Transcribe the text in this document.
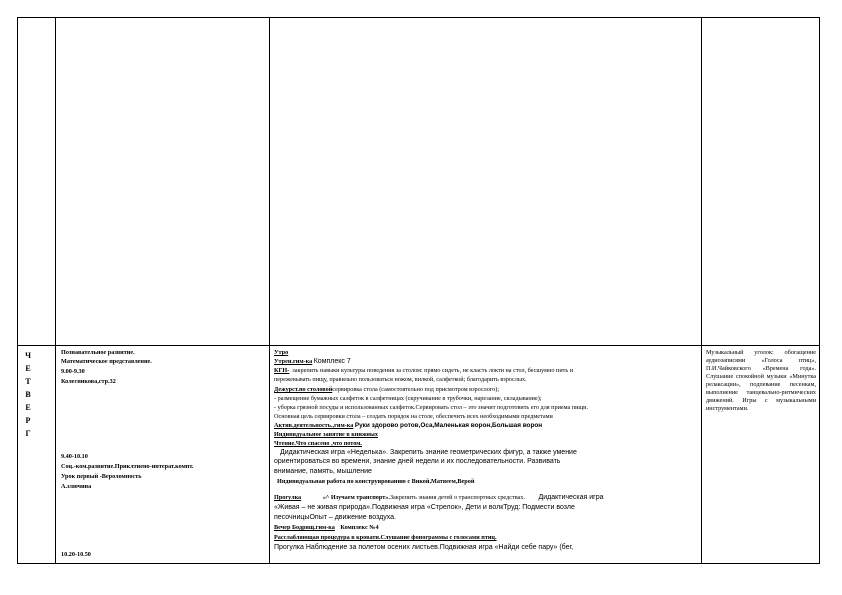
Ч
Е
Т
В
Е
Р
Г
Познавательное развитие.
Математическое представление.
9.00-9.30
Колесникова,стр.32
9.40-10.10
Соц.-ком.развитие.Приклтиено-интерат.компт.
Урок первый -Вероломность
А.злючина
10.20-10.50
Утро
Утрен.гим-ка Комплекс 7
КГН- закрепить навыки культуры поведения за столом: прямо сидеть, не класть локти на стол, бесшумно пить и
пережевывать пищу, правильно пользоваться ножом, вилкой, салфеткой; благодарить взрослых.
Дежурст.по столовойсервировка стола (самостоятельно под присмотром взрослого);
- размещение бумажных салфеток в салфетницах (скручивание в трубочки, нарезание, складывание);
- уборка грязной посуды и использованных салфеток.Сервировать стол – это значит подготовить его для приема пищи.
Основная цель сервировки стола – создать порядок на столе, обеспечить всех необходимыми предметами
Актив.деятельность.,гим-ка Руки здорово ротов,Оса,Маленькая ворон,Большая ворон
Индивидуальное занятие в книжных
Чтение.Что спасено ,что потом.
Дидактическая игра «Неделька». Закрепить знание геометрических фигур, а также умение
ориентироваться во времени, знание дней недели и их последовательности. Развивать
внимание, память, мышление
Индивидуальная работа по конструированию с Викой,Матвеем,Верой
Прогулка	«^ Изучаем транспорт».Закрепить знания детей о транспортных средствах. Дидактическая игра
«Живая – не живая природа».Подвижная игра «Стрелок», Дети и волкТруд: Подмести возле
песочницыОпыт – движение воздуха.
Вечер Бодрящ.гим-ка Комплекс №4
Расслабляющая процедура в кровати.Слушание фонограммы с голосами птиц.
Прогулка Наблюдение за полетом осених листьев.Подвижная игра «Найди себе пару» (бег,
Музыкальный уголок: обогащение аудиозаписями «Голоса птиц», П.И.Чайковского «Времена года». Слушание спокойной музыки «Минутка релаксации», подпевание песенкам, выполнение танцевально-ритмических движений. Игры с музыкальными инструментами.
